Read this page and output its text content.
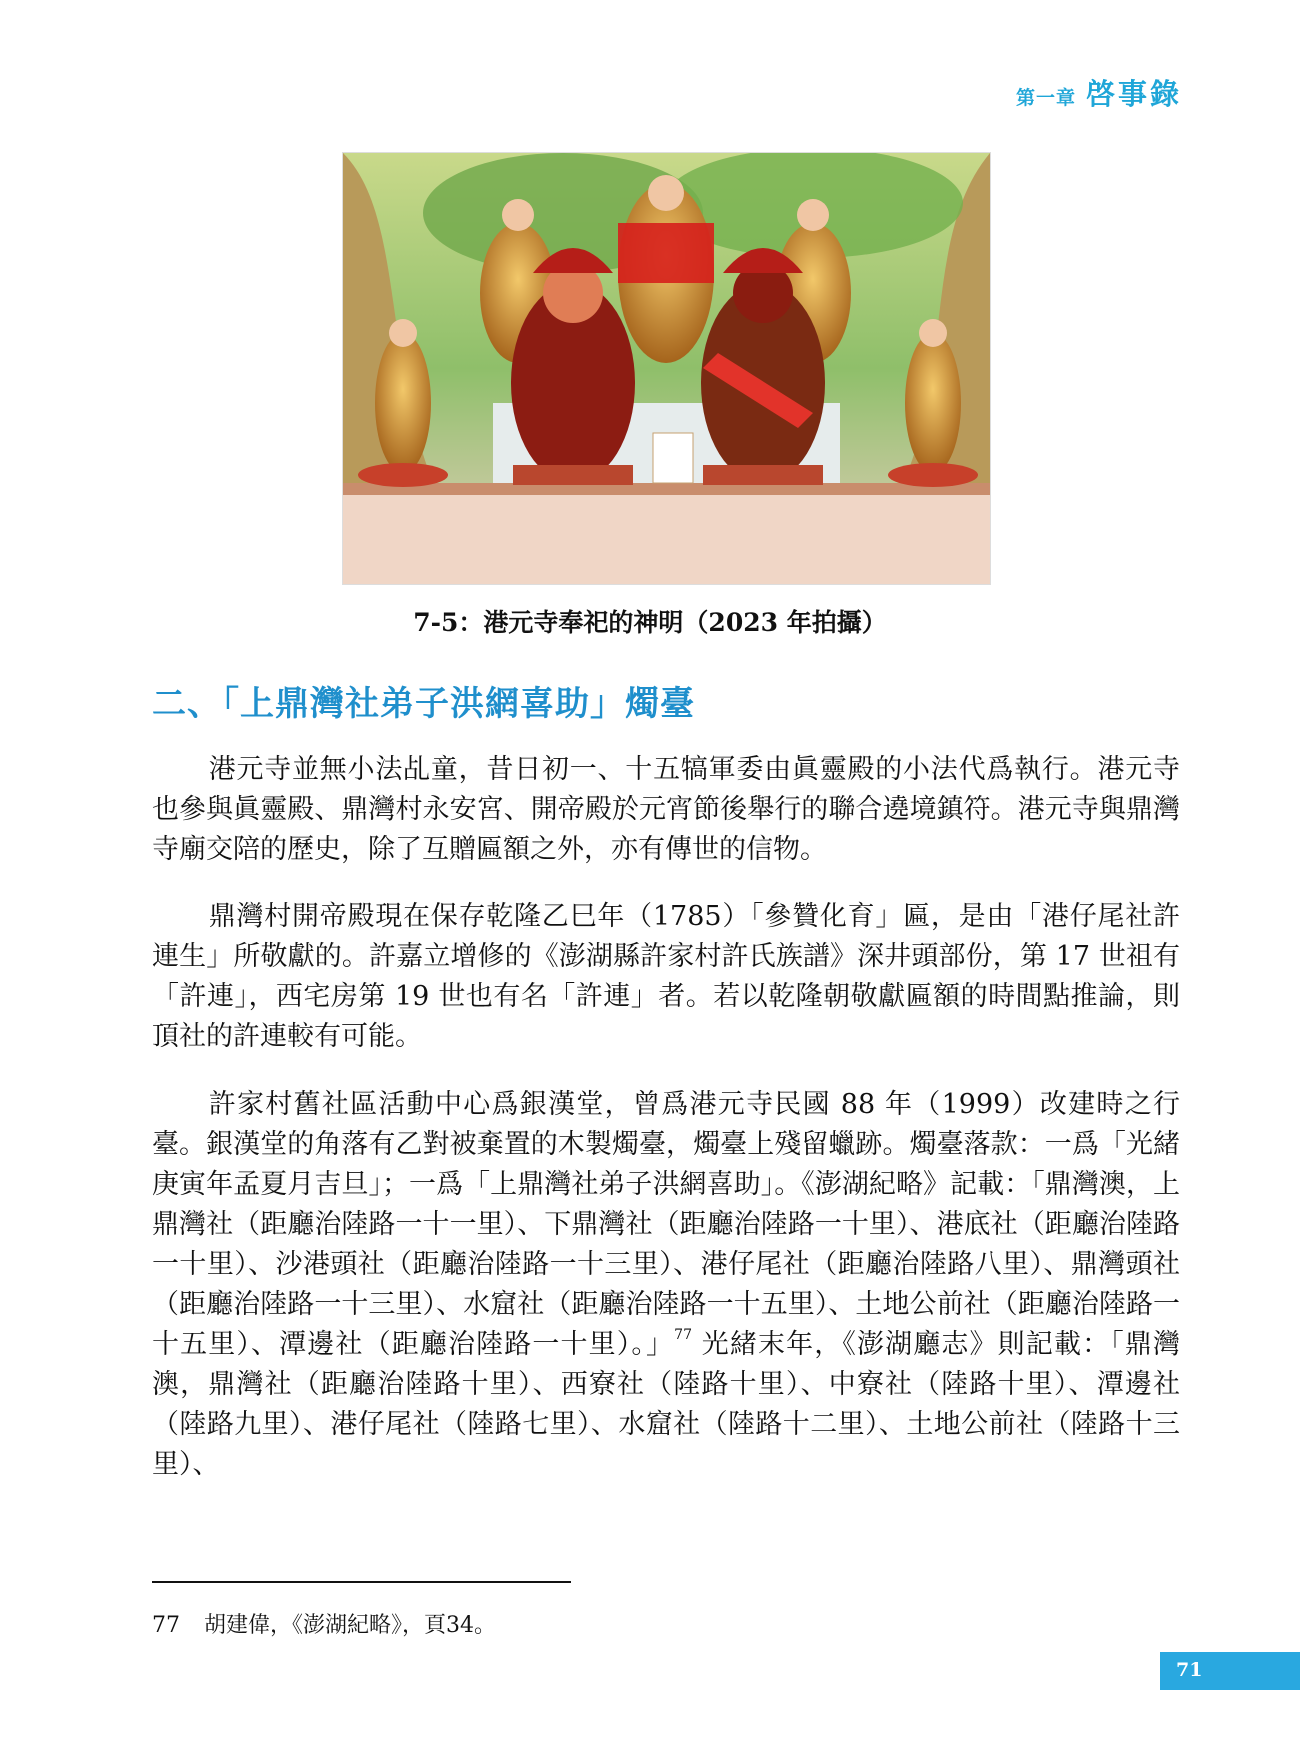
第一章 啓事錄
7-5：港元寺奉祀的神明（2023 年拍攝）
二、「上鼎灣社弟子洪網喜助」燭臺

港元寺並無小法乩童，昔日初一、十五犒軍委由眞靈殿的小法代爲執行。港元寺也參與眞靈殿、鼎灣村永安宮、開帝殿於元宵節後舉行的聯合遶境鎮符。港元寺與鼎灣寺廟交陪的歷史，除了互贈匾額之外，亦有傳世的信物。

鼎灣村開帝殿現在保存乾隆乙巳年（1785）「參贊化育」匾，是由「港仔尾社許連生」所敬獻的。許嘉立增修的《澎湖縣許家村許氏族譜》深井頭部份，第 17 世祖有「許連」，西宅房第 19 世也有名「許連」者。若以乾隆朝敬獻匾額的時間點推論，則頂社的許連較有可能。

許家村舊社區活動中心爲銀漢堂，曾爲港元寺民國 88 年（1999）改建時之行臺。銀漢堂的角落有乙對被棄置的木製燭臺，燭臺上殘留蠟跡。燭臺落款：一爲「光緒庚寅年孟夏月吉旦」；一爲「上鼎灣社弟子洪網喜助」。《澎湖紀略》記載：「鼎灣澳，上鼎灣社（距廳治陸路一十一里）、下鼎灣社（距廳治陸路一十里）、港底社（距廳治陸路一十里）、沙港頭社（距廳治陸路一十三里）、港仔尾社（距廳治陸路八里）、鼎灣頭社（距廳治陸路一十三里）、水窟社（距廳治陸路一十五里）、土地公前社（距廳治陸路一十五里）、潭邊社（距廳治陸路一十里）。」$^{77}$ 光緒末年，《澎湖廳志》則記載：「鼎灣澳，鼎灣社（距廳治陸路十里）、西寮社（陸路十里）、中寮社（陸路十里）、潭邊社（陸路九里）、港仔尾社（陸路七里）、水窟社（陸路十二里）、土地公前社（陸路十三里）、

77 胡建偉，《澎湖紀略》，頁34。
71
